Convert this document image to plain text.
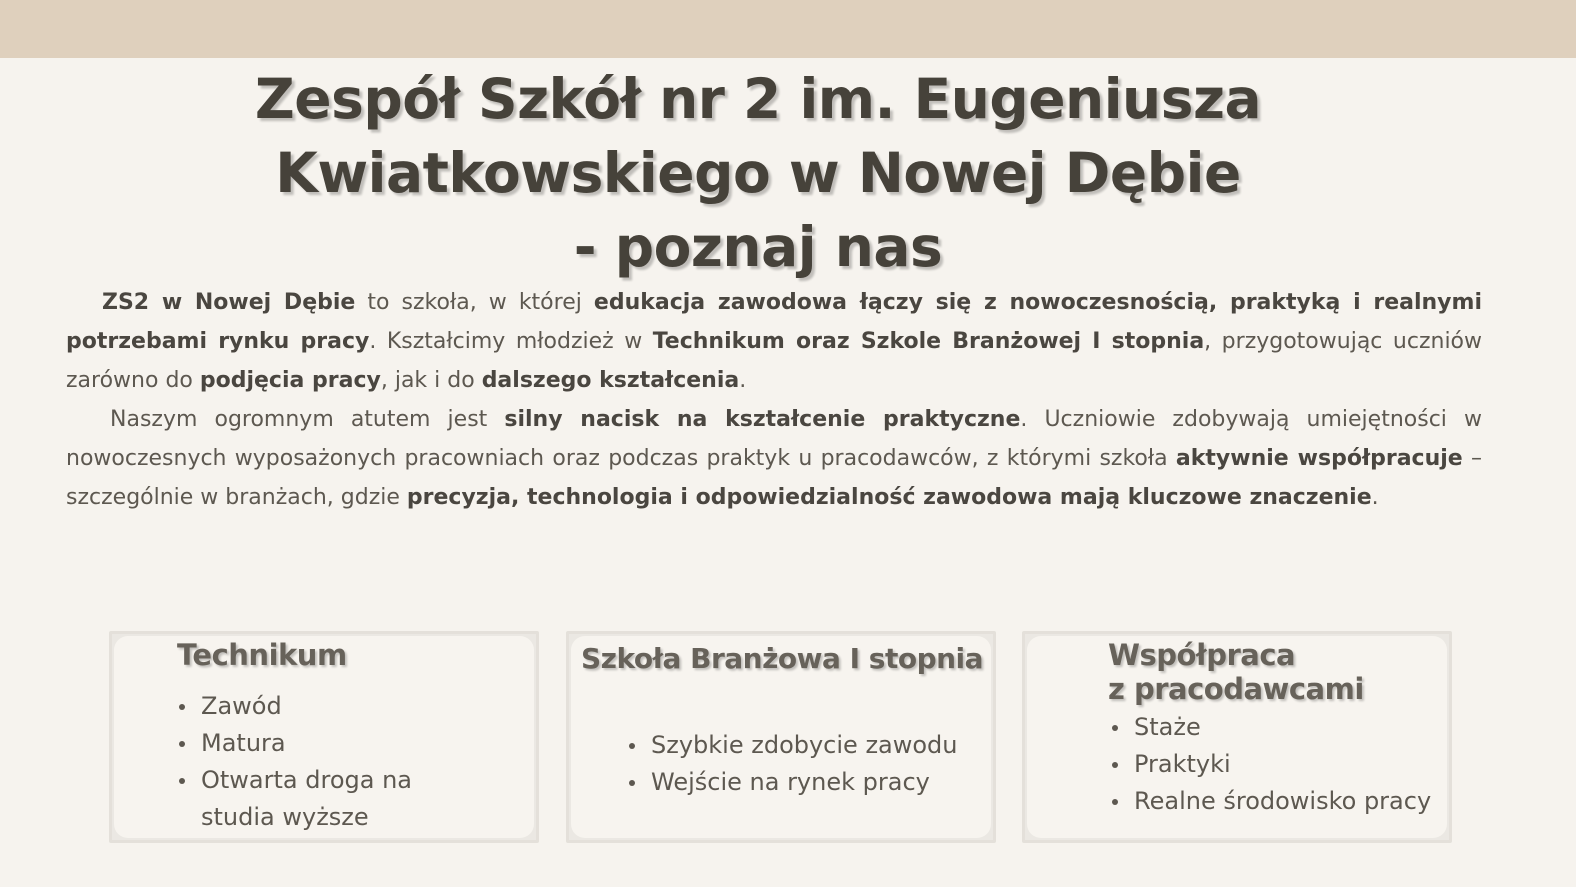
Zespół Szkół nr 2 im. Eugeniusza
Kwiatkowskiego w Nowej Dębie
- poznaj nas

ZS2 w Nowej Dębie to szkoła, w której edukacja zawodowa łączy się z nowoczesnością, praktyką i realnymi potrzebami rynku pracy. Kształcimy młodzież w Technikum oraz Szkole Branżowej I stopnia, przygotowując uczniów zarówno do podjęcia pracy, jak i do dalszego kształcenia.

Naszym ogromnym atutem jest silny nacisk na kształcenie praktyczne. Uczniowie zdobywają umiejętności w nowoczesnych wyposażonych pracowniach oraz podczas praktyk u pracodawców, z którymi szkoła aktywnie współpracuje – szczególnie w branżach, gdzie precyzja, technologia i odpowiedzialność zawodowa mają kluczowe znaczenie.

Technikum
Zawód
Matura
Otwarta droga na studia wyższe
Szkoła Branżowa I stopnia
Szybkie zdobycie zawodu
Wejście na rynek pracy
Współpraca
z pracodawcami
Staże
Praktyki
Realne środowisko pracy
